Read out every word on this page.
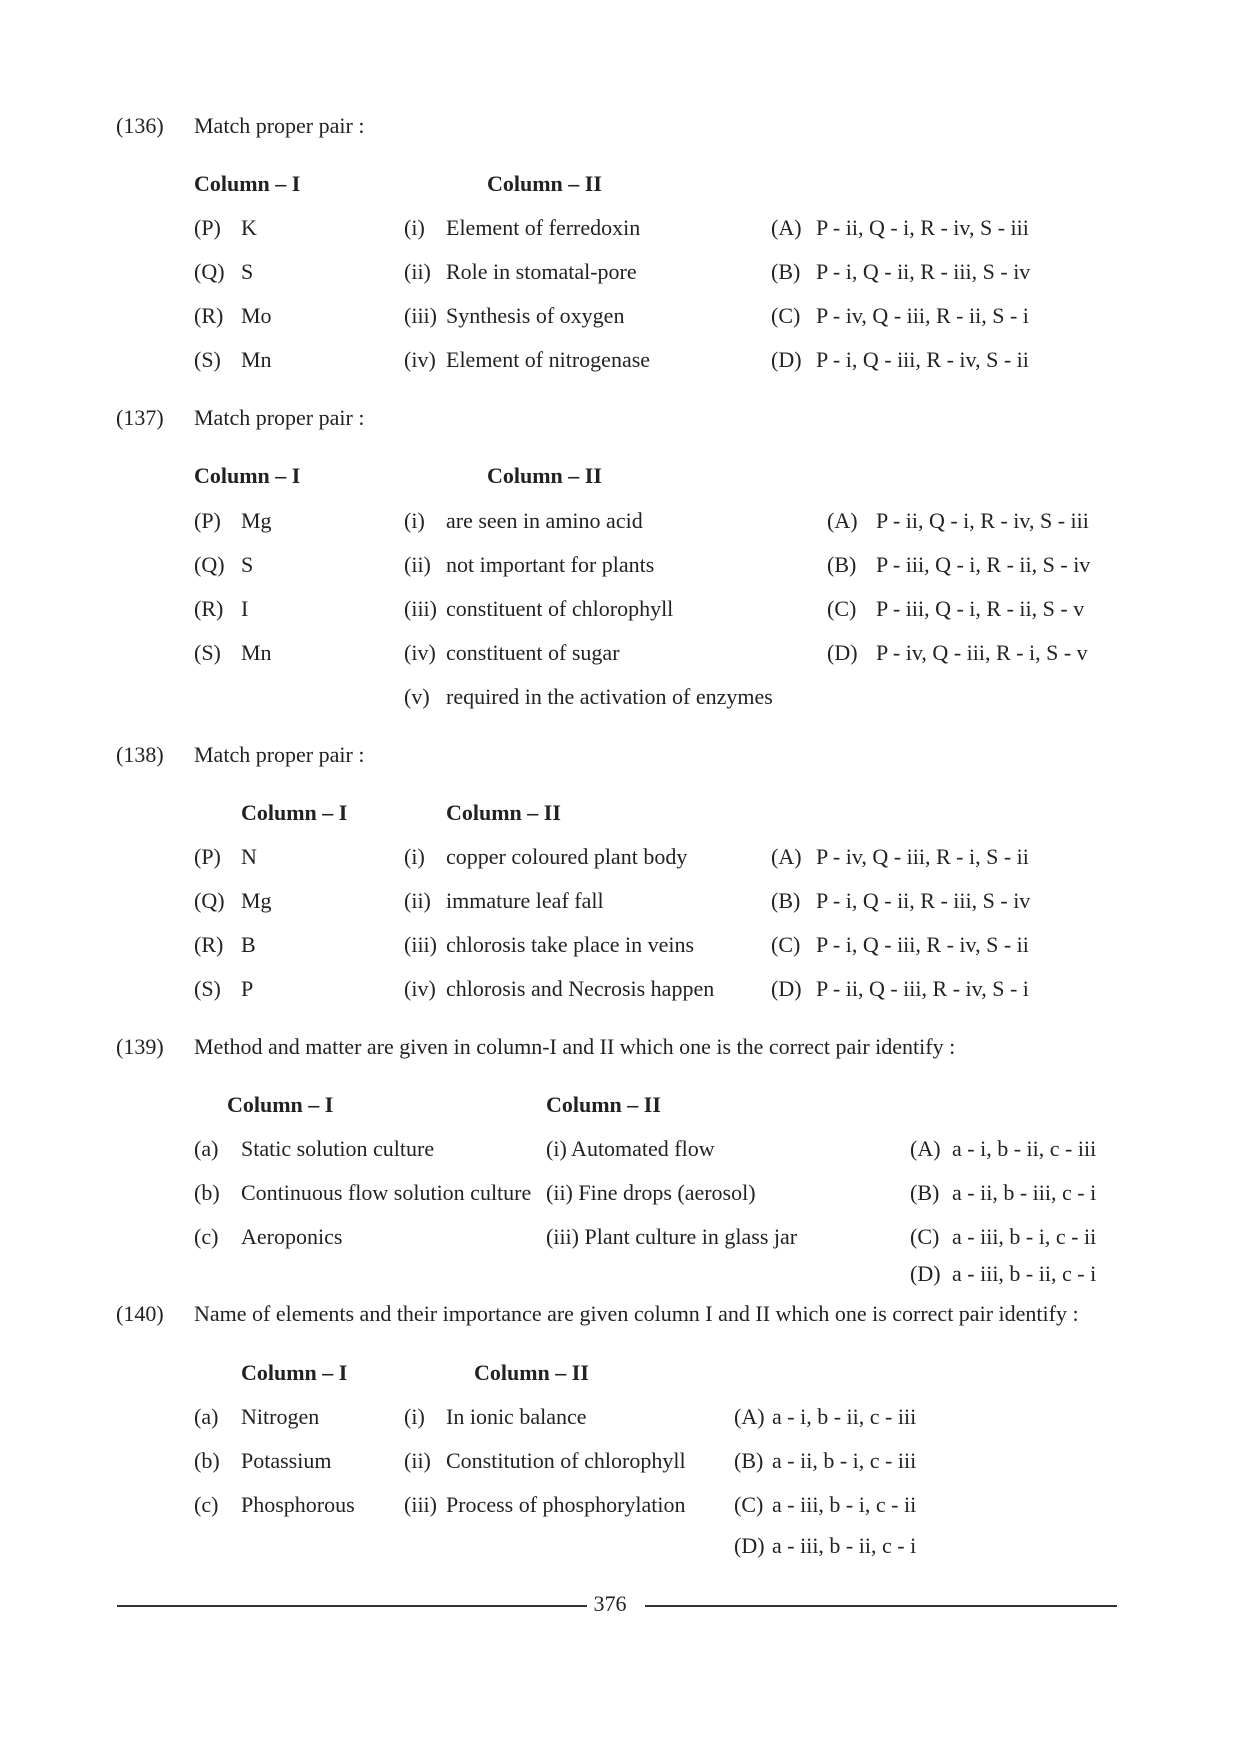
(136) Match proper pair :
Column – I	Column – II
(P) K	(i) Element of ferredoxin	(A) P - ii, Q - i, R - iv, S - iii
(Q) S	(ii) Role in stomatal-pore	(B) P - i, Q - ii, R - iii, S - iv
(R) Mo	(iii) Synthesis of oxygen	(C) P - iv, Q - iii, R - ii, S - i
(S) Mn	(iv) Element of nitrogenase	(D) P - i, Q - iii, R - iv, S - ii
(137) Match proper pair :
Column – I	Column – II
(P) Mg	(i) are seen in amino acid	(A) P - ii, Q - i, R - iv, S - iii
(Q) S	(ii) not important for plants	(B) P - iii, Q - i, R - ii, S - iv
(R) I	(iii) constituent of chlorophyll	(C) P - iii, Q - i, R - ii, S - v
(S) Mn	(iv) constituent of sugar	(D) P - iv, Q - iii, R - i, S - v
(v) required in the activation of enzymes
(138) Match proper pair :
Column – I	Column – II
(P) N	(i) copper coloured plant body	(A) P - iv, Q - iii, R - i, S - ii
(Q) Mg	(ii) immature leaf fall	(B) P - i, Q - ii, R - iii, S - iv
(R) B	(iii) chlorosis take place in veins	(C) P - i, Q - iii, R - iv, S - ii
(S) P	(iv) chlorosis and Necrosis happen	(D) P - ii, Q - iii, R - iv, S - i
(139) Method and matter are given in column-I and II which one is the correct pair identify :
Column – I	Column – II
(a) Static solution culture	(i) Automated flow	(A) a - i, b - ii, c - iii
(b) Continuous flow solution culture (ii) Fine drops (aerosol)	(B) a - ii, b - iii, c - i
(c) Aeroponics	(iii) Plant culture in glass jar	(C) a - iii, b - i, c - ii
(D) a - iii, b - ii, c - i
(140) Name of elements and their importance are given column I and II which one is correct pair identify :
Column – I	Column – II
(a) Nitrogen	(i) In ionic balance	(A) a - i, b - ii, c - iii
(b) Potassium	(ii) Constitution of chlorophyll (B) a - ii, b - i, c - iii
(c) Phosphorous (iii) Process of phosphorylation (C) a - iii, b - i, c - ii
(D) a - iii, b - ii, c - i
376
